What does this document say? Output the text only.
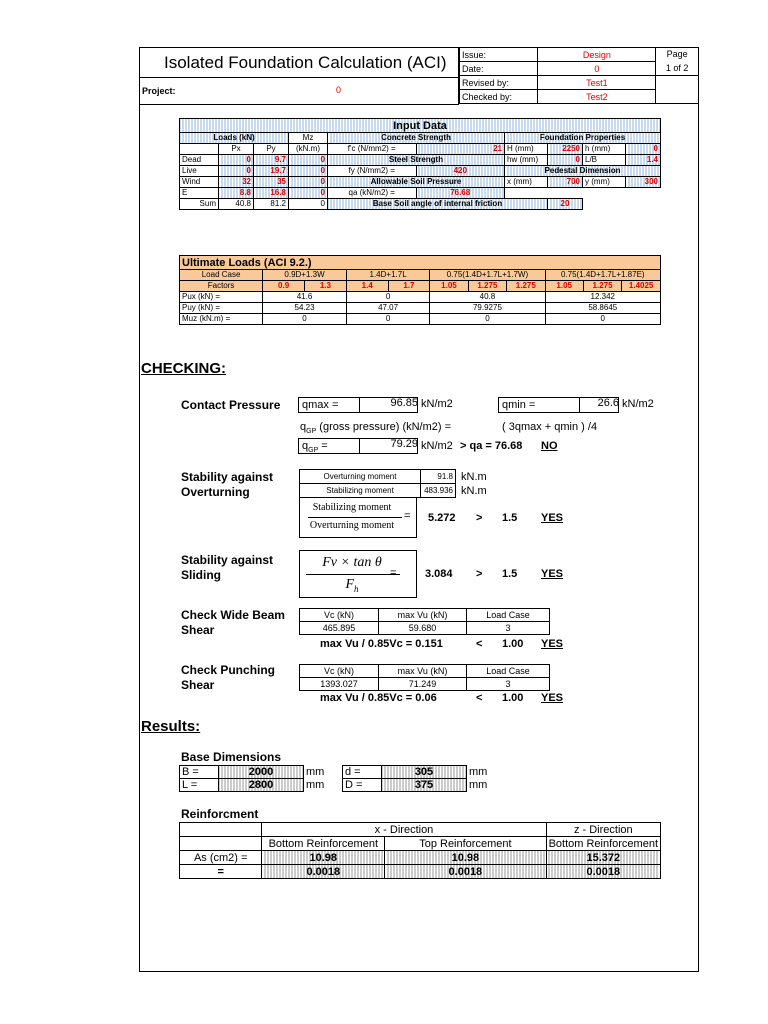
Isolated Foundation Calculation (ACI)
Project:	0
Issue:	Design	Page
1 of 2

Date:	0	
Revised by:	Test1	
Checked by:	Test2	
Input Data									
Loads (kN)			Mz	Concrete Strength		Foundation Properties			
	Px	Py	(kN.m)	f'c (N/mm2) =	21	H (mm)	2250	h (mm)	0
Dead	0	9.7	0	Steel Strength		hw (mm)	0	L/B	1.4
Live	0	19.7	0	fy (N/mm2) =	420	Pedestal Dimension			
Wind	32	35	0	Allowable Soil Pressure		x (mm)	700	y (mm)	300
E	8.8	16.8	0	qa (kN/m2) =	76.68				
Sum	40.8	81.2	0	Base Soil angle of internal friction			20		
Ultimate Loads (ACI 9.2.)										
Load Case	0.9D+1.3W		1.4D+1.7L		0.75(1.4D+1.7L+1.7W)			0.75(1.4D+1.7L+1.87E)		
Factors	0.9	1.3	1.4	1.7	1.05	1.275	1.275	1.05	1.275	1.4025
Pux (kN) =	41.6		0		40.8			12.342		
Puy (kN) =	54.23		47.07		79.9275			58.8645		
Muz (kN.m) =	0		0		0			0		
CHECKING:
Contact Pressure qmax =	96.85 kN/m2	qmin =	26.6 kN/m2
$q_{GP}$ (gross pressure) (kN/m2) =	( 3qmax + qmin ) /4
$q_{GP}$ =	79.29 kN/m2 > qa = 76.68 NO
Stability against
Overturning
Overturning moment	91.8
Stabilizing moment	483.936
kN.m
kN.m
Stabilizing moment
Overturning moment
= 5.272 > 1.5 YES
Stability against
Sliding
Fv × tan θ
$F_h$
=	3.084 > 1.5 YES
Check Wide Beam
Shear
Vc (kN)	max Vu (kN)	Load Case
465.895	59.680	3
max Vu / 0.85Vc = 0.151	< 1.00 YES
Check Punching
Shear
Vc (kN)	max Vu (kN)	Load Case
1393.027	71.249	3
max Vu / 0.85Vc = 0.06	< 1.00 YES
Results:
Base Dimensions
B =	2000	mm	d =	305	mm
L =	2800	mm	D =	375	mm
Reinforcment
	x - Direction		z - Direction
	Bottom Reinforcement	Top Reinforcement	Bottom Reinforcement
As (cm2) =	10.98	10.98	15.372
=	0.0018	0.0018	0.0018
